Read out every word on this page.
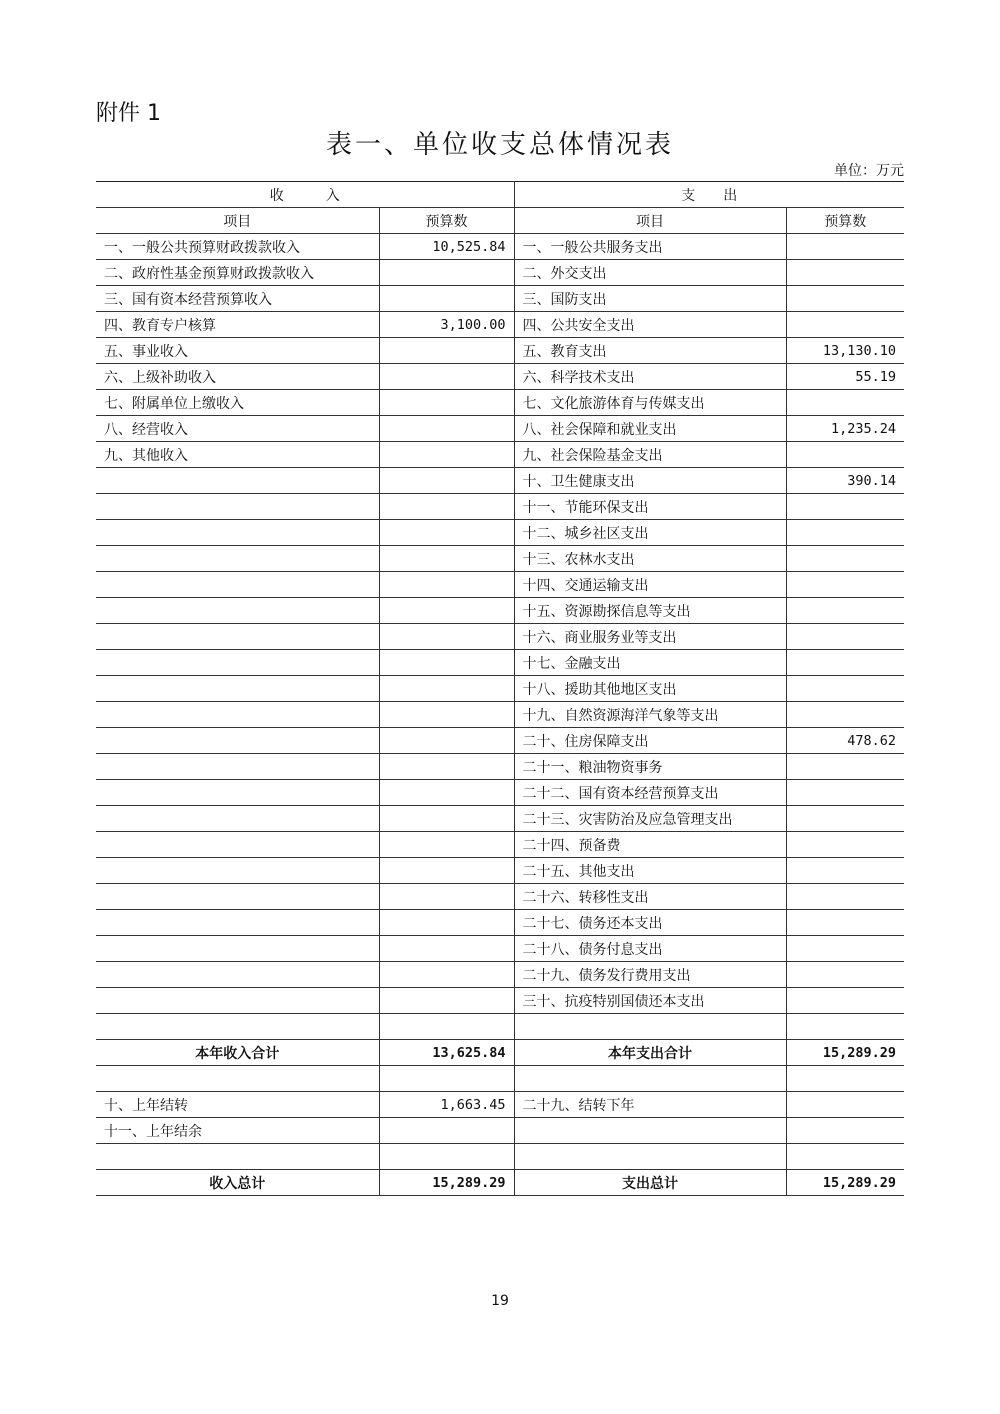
附件 1
表一、单位收支总体情况表
单位：万元
收　　　入		支　　出	
项目	预算数	项目	预算数
一、一般公共预算财政拨款收入	10,525.84	一、一般公共服务支出	
二、政府性基金预算财政拨款收入		二、外交支出	
三、国有资本经营预算收入		三、国防支出	
四、教育专户核算	3,100.00	四、公共安全支出	
五、事业收入		五、教育支出	13,130.10
六、上级补助收入		六、科学技术支出	55.19
七、附属单位上缴收入		七、文化旅游体育与传媒支出	
八、经营收入		八、社会保障和就业支出	1,235.24
九、其他收入		九、社会保险基金支出	
		十、卫生健康支出	390.14
		十一、节能环保支出	
		十二、城乡社区支出	
		十三、农林水支出	
		十四、交通运输支出	
		十五、资源勘探信息等支出	
		十六、商业服务业等支出	
		十七、金融支出	
		十八、援助其他地区支出	
		十九、自然资源海洋气象等支出	
		二十、住房保障支出	478.62
		二十一、粮油物资事务	
		二十二、国有资本经营预算支出	
		二十三、灾害防治及应急管理支出	
		二十四、预备费	
		二十五、其他支出	
		二十六、转移性支出	
		二十七、债务还本支出	
		二十八、债务付息支出	
		二十九、债务发行费用支出	
		三十、抗疫特别国债还本支出	

本年收入合计	13,625.84	本年支出合计	15,289.29

十、上年结转	1,663.45	二十九、结转下年	
十一、上年结余			

收入总计	15,289.29	支出总计	15,289.29
19
